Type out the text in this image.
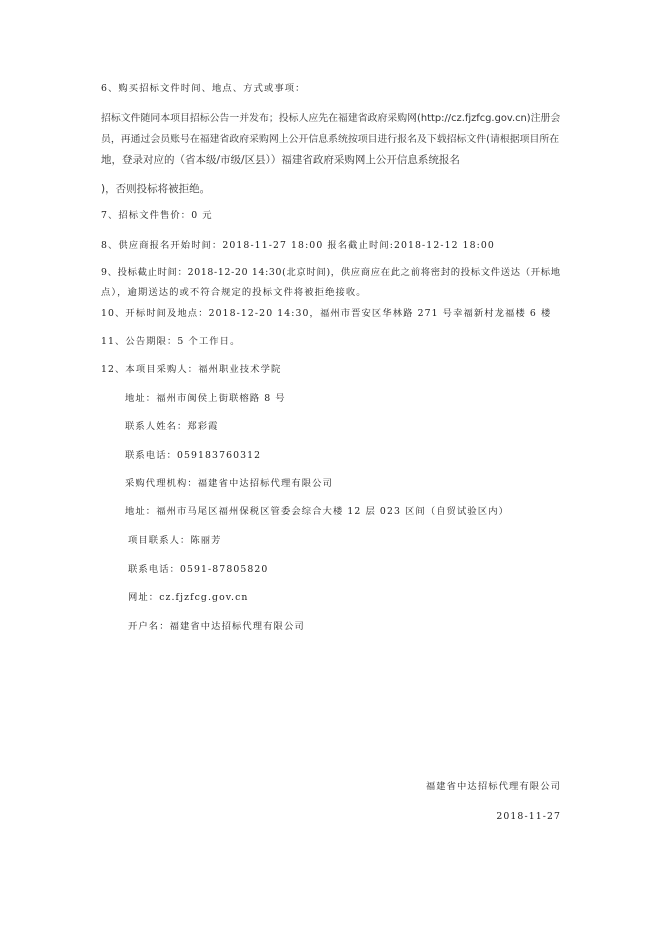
6、购买招标文件时间、地点、方式或事项：
招标文件随同本项目招标公告一并发布；投标人应先在福建省政府采购网(http://cz.fjzfcg.gov.cn)注册会
员，再通过会员账号在福建省政府采购网上公开信息系统按项目进行报名及下载招标文件(请根据项目所在
地，登录对应的（省本级/市级/区县））福建省政府采购网上公开信息系统报名
)，否则投标将被拒绝。
7、招标文件售价：0 元
8、供应商报名开始时间：2018-11-27 18:00 报名截止时间:2018-12-12 18:00
9、投标截止时间：2018-12-20 14:30(北京时间)，供应商应在此之前将密封的投标文件送达（开标地
点），逾期送达的或不符合规定的投标文件将被拒绝接收。
10、开标时间及地点：2018-12-20 14:30，福州市晋安区华林路 271 号幸福新村龙福楼 6 楼
11、公告期限：5 个工作日。
12、本项目采购人：福州职业技术学院
地址：福州市闽侯上街联榕路 8 号
联系人姓名：郑彩霞
联系电话：059183760312
采购代理机构：福建省中达招标代理有限公司
地址：福州市马尾区福州保税区管委会综合大楼 12 层 023 区间（自贸试验区内）
项目联系人：陈丽芳
联系电话：0591-87805820
网址：cz.fjzfcg.gov.cn
开户名：福建省中达招标代理有限公司
福建省中达招标代理有限公司
2018-11-27
